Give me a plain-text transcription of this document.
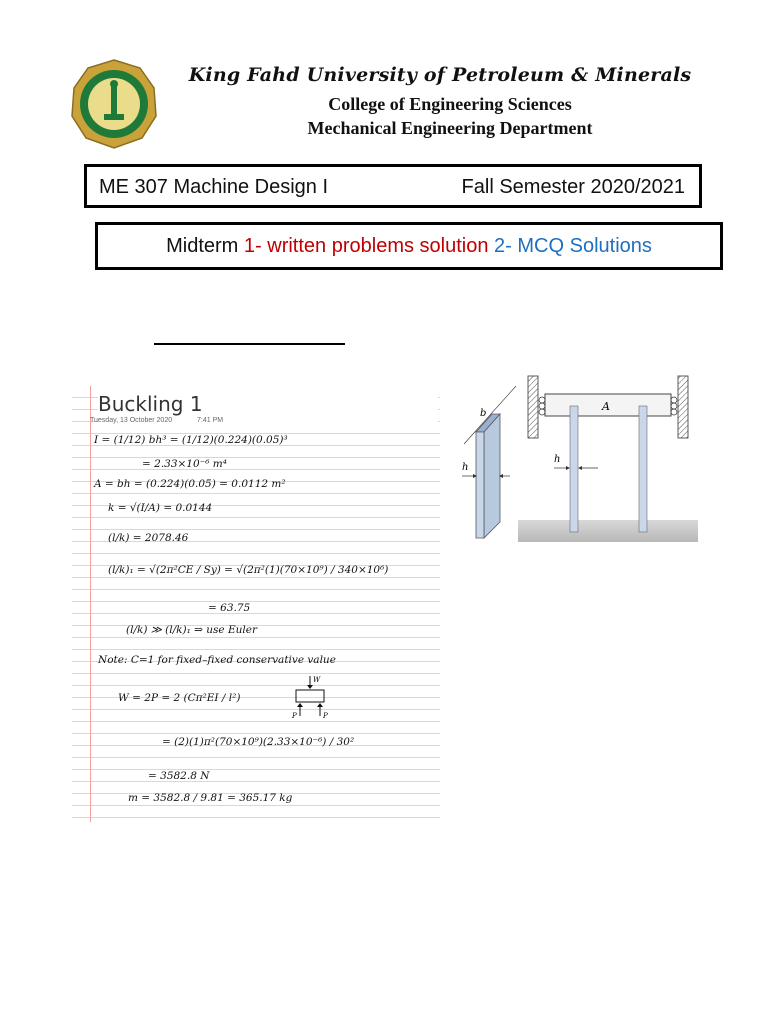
King Fahd University of Petroleum & Minerals
College of Engineering Sciences
Mechanical Engineering Department
ME 307 Machine Design I	Fall Semester 2020/2021
Midterm 1- written problems solution 2- MCQ Solutions
Buckling 1
Tuesday, 13 October 2020	7:41 PM
I = (1/12) bh³ = (1/12)(0.224)(0.05)³
= 2.33×10⁻⁶ m⁴
A = bh = (0.224)(0.05) = 0.0112 m²
k = √(I/A) = 0.0144
(l/k) = 2078.46
(l/k)₁ = √(2π²CE / Sy) = √(2π²(1)(70×10⁹) / 340×10⁶)
= 63.75
(l/k) ≫ (l/k)₁ ⇒ use Euler
Note: C=1 for fixed–fixed conservative value
W = 2P = 2 (Cπ²EI / l²)
= (2)(1)π²(70×10⁹)(2.33×10⁻⁶) / 30²
= 3582.8 N
m = 3582.8 / 9.81 = 365.17 kg
W
P	P
b
h
A
h
